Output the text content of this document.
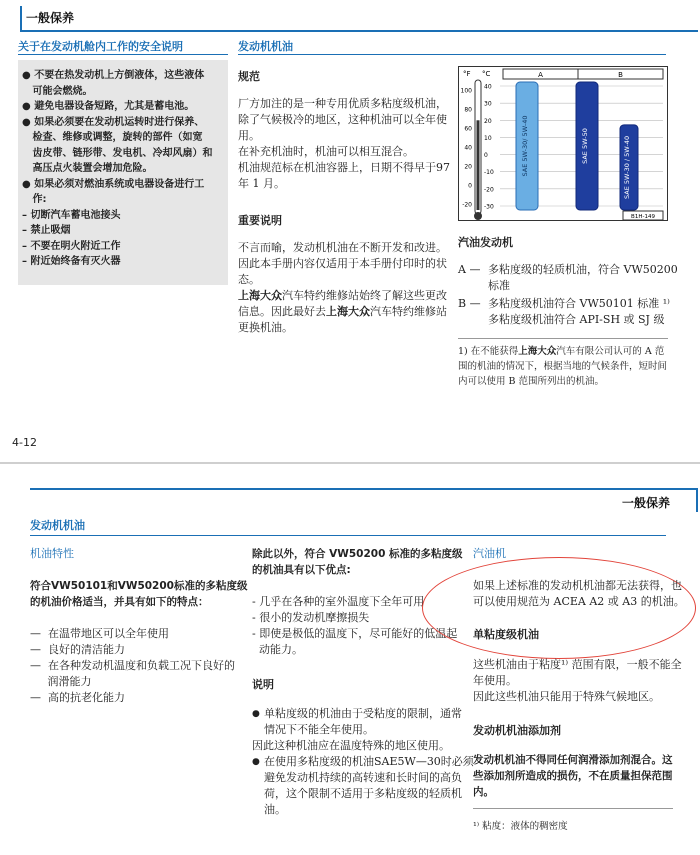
一般保养
关于在发动机舱内工作的安全说明
● 不要在热发动机上方倒液体，这些液体
可能会燃烧。
● 避免电器设备短路，尤其是蓄电池。
● 如果必须要在发动机运转时进行保养、
检查、维修或调整，旋转的部件（如宽
齿皮带、链形带、发电机、冷却风扇）和
高压点火装置会增加危险。
● 如果必须对燃油系统或电器设备进行工
作:
– 切断汽车蓄电池接头
– 禁止吸烟
– 不要在明火附近工作
– 附近始终备有灭火器
发动机机油
规范
厂方加注的是一种专用优质多粘度级机油，
除了气候极冷的地区，这种机油可以全年使
用。
在补充机油时，机油可以相互混合。
机油规范标在机油容器上，日期不得早于97
年 1 月。
重要说明
不言而喻，发动机机油在不断开发和改进。
因此本手册内容仅适用于本手册付印时的状
态。
上海大众汽车特约维修站始终了解这些更改
信息。因此最好去上海大众汽车特约维修站
更换机油。
°F °C
100
80
60
40
20
0
-20
40
30
20
10
0
-10
-20
-30
A	B
SAE 5W-30/ 5W-40	SAE 5W-50	SAE 5W-30 / 5W-40
B1H-149
汽油发动机
A — 多粘度级的轻质机油，符合 VW50200
标准
B — 多粘度级机油符合 VW50101 标准 ¹⁾
多粘度级机油符合 API-SH 或 SJ 级
1) 在不能获得上海大众汽车有限公司认可的 A 范
围的机油的情况下，根据当地的气候条件，短时间
内可以使用 B 范围所列出的机油。
4-12
一般保养
发动机机油
机油特性
符合VW50101和VW50200标准的多粘度级
的机油价格适当，并具有如下的特点：
—  在温带地区可以全年使用
—  良好的清洁能力
—  在各种发动机温度和负载工况下良好的
润滑能力
—  高的抗老化能力
除此以外，符合 VW50200 标准的多粘度级
的机油具有以下优点:
- 几乎在各种的室外温度下全年可用
- 很小的发动机摩擦损失
- 即使是极低的温度下，尽可能好的低温起
动能力。
说明
● 单粘度级的机油由于受粘度的限制，通常
情况下不能全年使用。
因此这种机油应在温度特殊的地区使用。
● 在使用多粘度级的机油SAE5W—30时必须
避免发动机持续的高转速和长时间的高负
荷，这个限制不适用于多粘度级的轻质机
油。
汽油机
如果上述标准的发动机机油都无法获得，也
可以使用规范为 ACEA A2 或 A3 的机油。
单粘度级机油
这些机油由于粘度¹⁾ 范围有限，一般不能全
年使用。
因此这些机油只能用于特殊气候地区。
发动机机油添加剂
发动机机油不得同任何润滑添加剂混合。这
些添加剂所造成的损伤，不在质量担保范围
内。
¹⁾ 粘度：液体的稠密度
